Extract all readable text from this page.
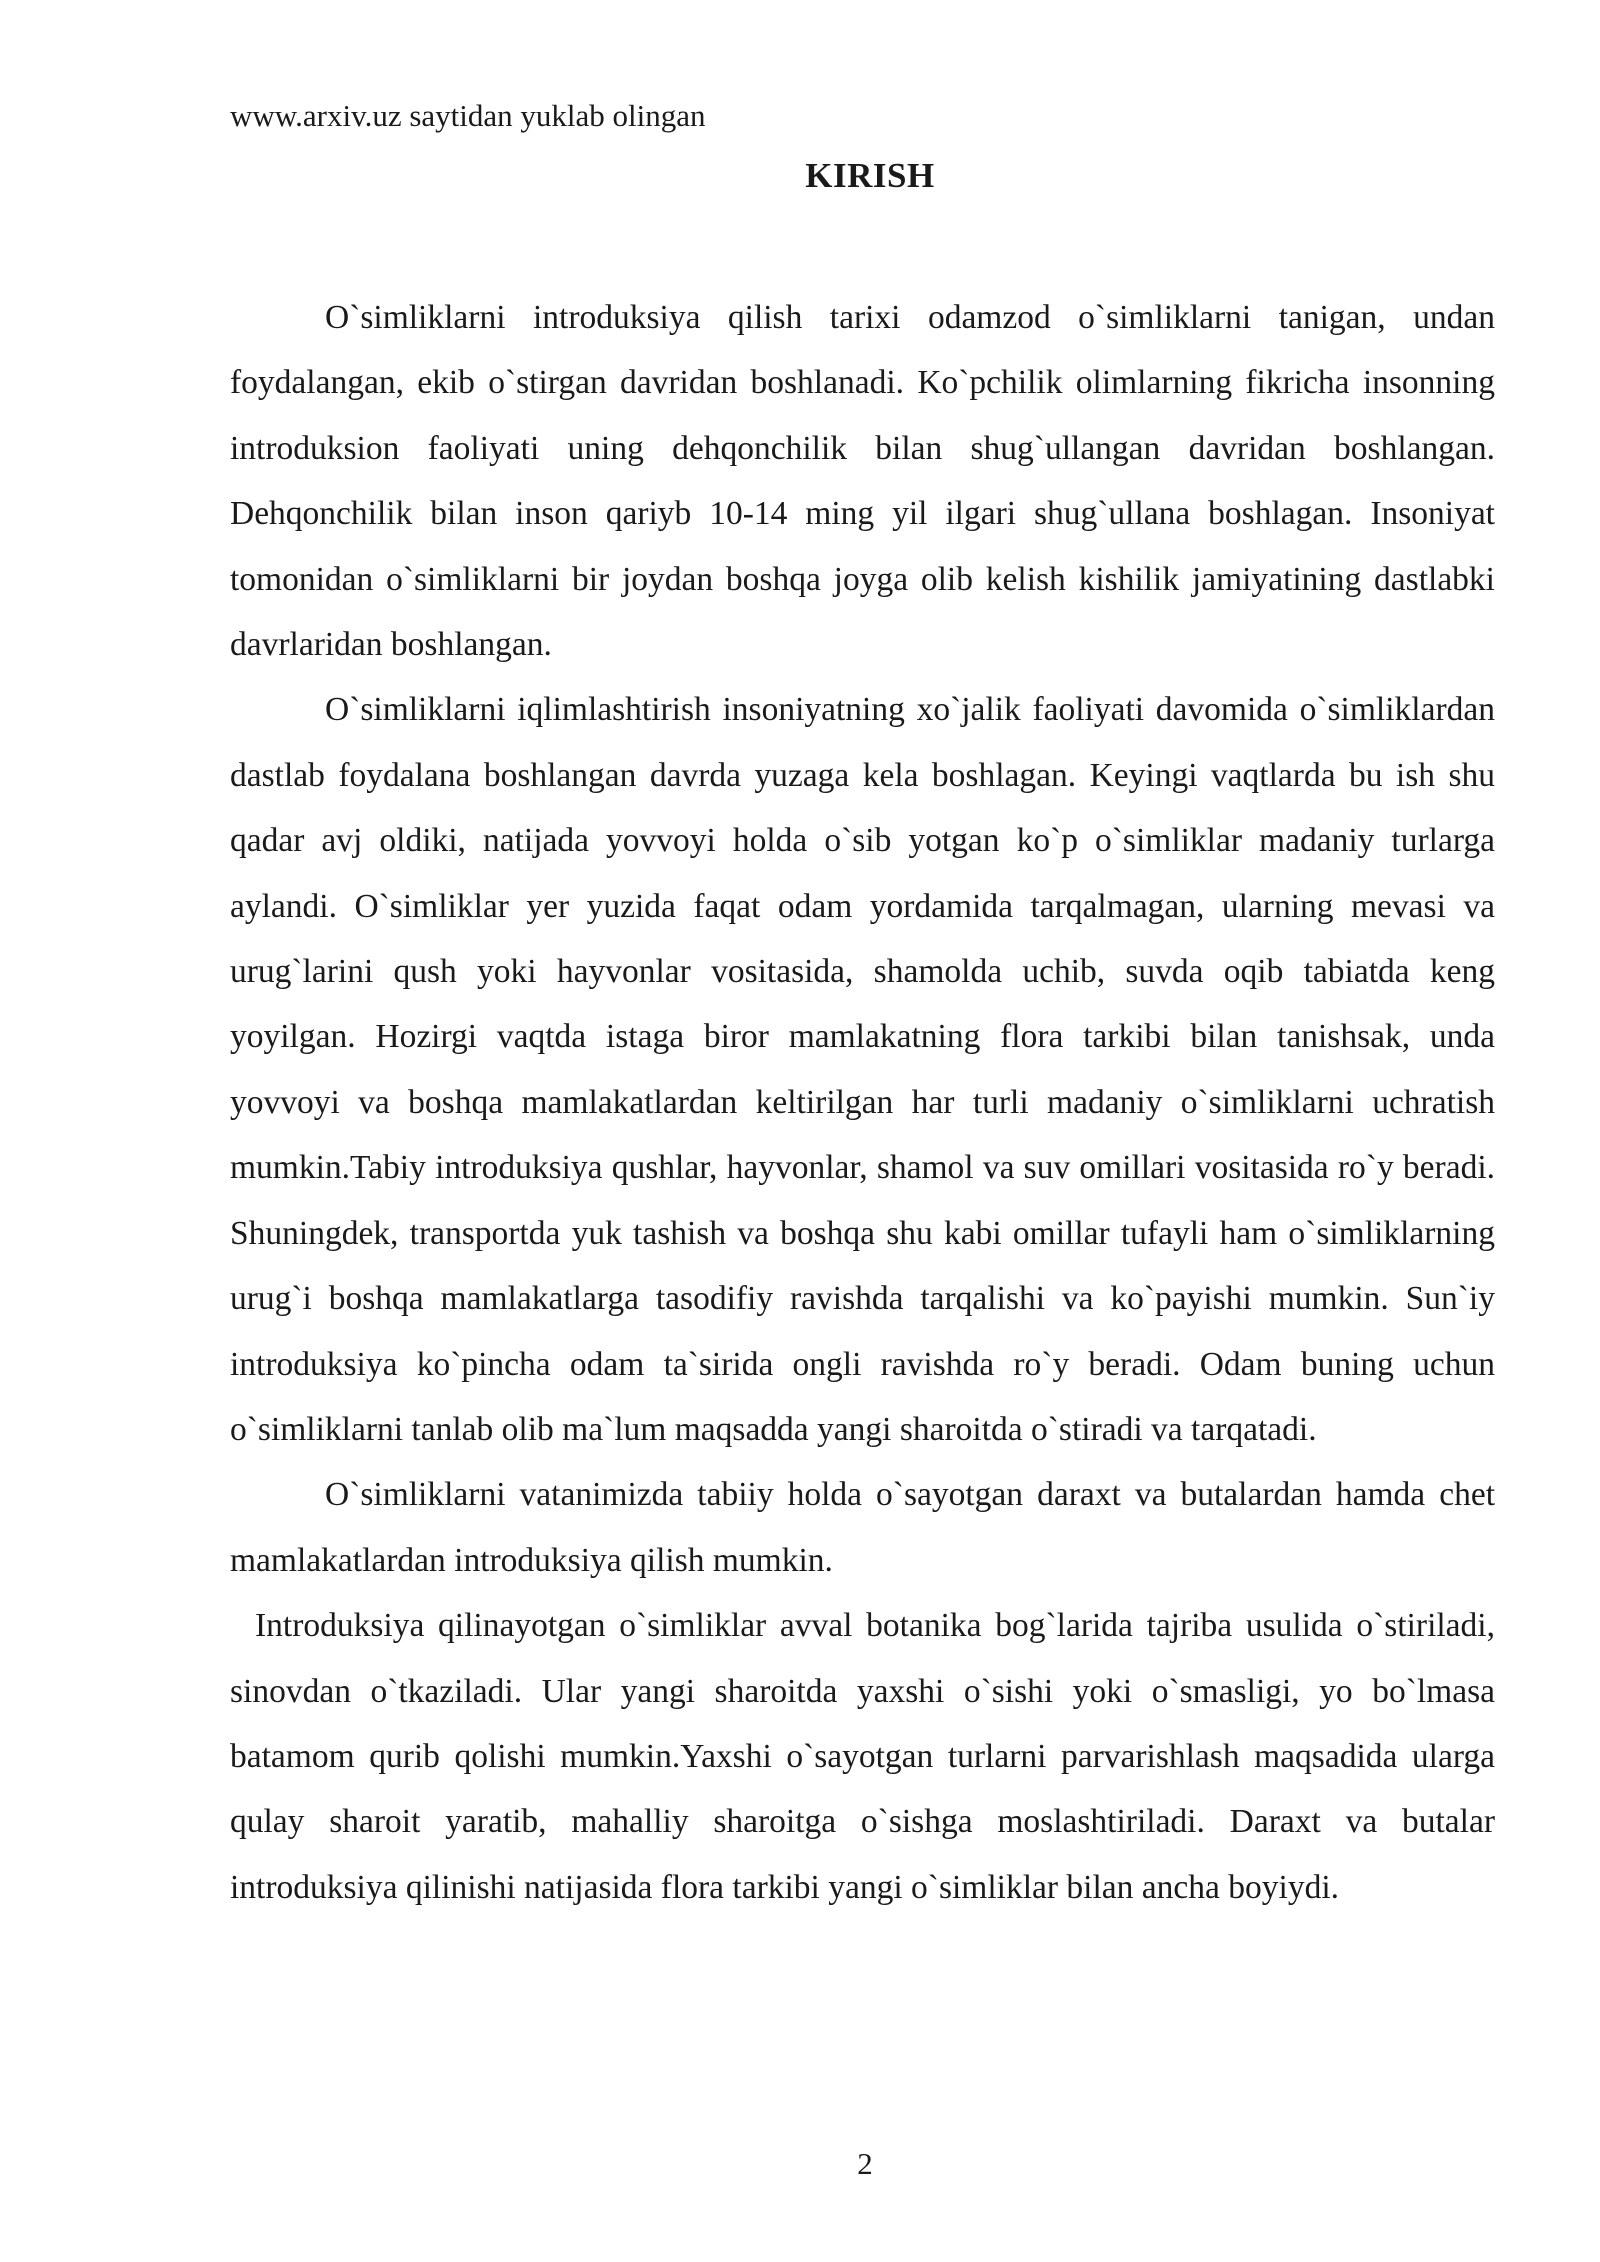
www.arxiv.uz saytidan yuklab olingan
KIRISH

O`simliklarni introduksiya qilish tarixi odamzod o`simliklarni tanigan, undan foydalangan, ekib o`stirgan davridan boshlanadi. Ko`pchilik olimlarning fikricha insonning introduksion faoliyati uning dehqonchilik bilan shug`ullangan davridan boshlangan. Dehqonchilik bilan inson qariyb 10-14 ming yil ilgari shug`ullana boshlagan. Insoniyat tomonidan o`simliklarni bir joydan boshqa joyga olib kelish kishilik jamiyatining dastlabki davrlaridan boshlangan.

O`simliklarni iqlimlashtirish insoniyatning xo`jalik faoliyati davomida o`simliklardan dastlab foydalana boshlangan davrda yuzaga kela boshlagan. Keyingi vaqtlarda bu ish shu qadar avj oldiki, natijada yovvoyi holda o`sib yotgan ko`p o`simliklar madaniy turlarga aylandi. O`simliklar yer yuzida faqat odam yordamida tarqalmagan, ularning mevasi va urug`larini qush yoki hayvonlar vositasida, shamolda uchib, suvda oqib tabiatda keng yoyilgan. Hozirgi vaqtda istaga biror mamlakatning flora tarkibi bilan tanishsak, unda yovvoyi va boshqa mamlakatlardan keltirilgan har turli madaniy o`simliklarni uchratish mumkin.Tabiy introduksiya qushlar, hayvonlar, shamol va suv omillari vositasida ro`y beradi. Shuningdek, transportda yuk tashish va boshqa shu kabi omillar tufayli ham o`simliklarning urug`i boshqa mamlakatlarga tasodifiy ravishda tarqalishi va ko`payishi mumkin. Sun`iy introduksiya ko`pincha odam ta`sirida ongli ravishda ro`y beradi. Odam buning uchun o`simliklarni tanlab olib ma`lum maqsadda yangi sharoitda o`stiradi va tarqatadi.

O`simliklarni vatanimizda tabiiy holda o`sayotgan daraxt va butalardan hamda chet mamlakatlardan introduksiya qilish mumkin.

Introduksiya qilinayotgan o`simliklar avval botanika bog`larida tajriba usulida o`stiriladi, sinovdan o`tkaziladi. Ular yangi sharoitda yaxshi o`sishi yoki o`smasligi, yo bo`lmasa batamom qurib qolishi mumkin.Yaxshi o`sayotgan turlarni parvarishlash maqsadida ularga qulay sharoit yaratib, mahalliy sharoitga o`sishga moslashtiriladi. Daraxt va butalar introduksiya qilinishi natijasida flora tarkibi yangi o`simliklar bilan ancha boyiydi.

2
